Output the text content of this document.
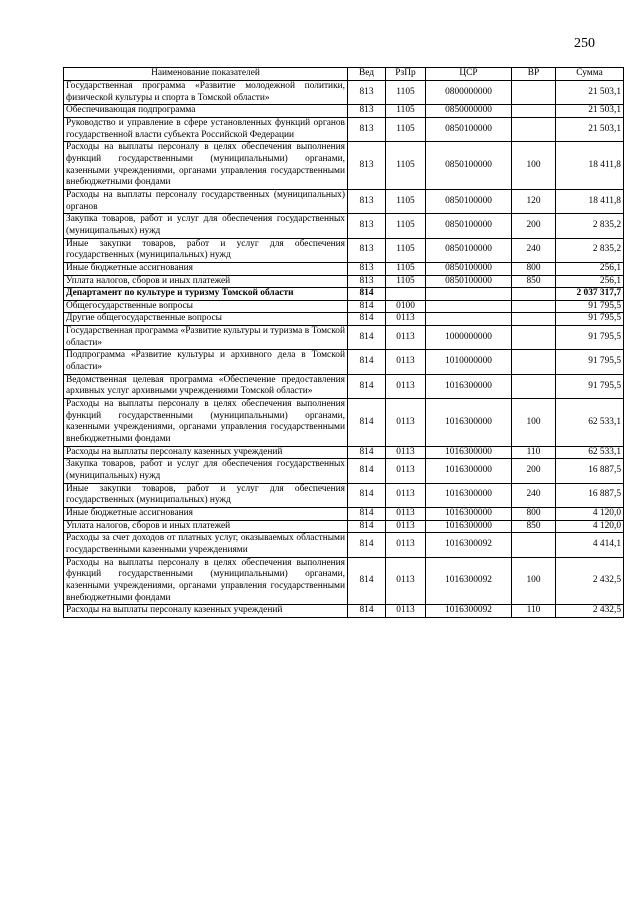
250
Наименование показателей	Вед	РзПр	ЦСР	ВР	Сумма
Государственная программа «Развитие молодежной политики, физической культуры и спорта в Томской области»	813	1105	0800000000		21 503,1
Обеспечивающая подпрограмма	813	1105	0850000000		21 503,1
Руководство и управление в сфере установленных функций органов государственной власти субъекта Российской Федерации	813	1105	0850100000		21 503,1
Расходы на выплаты персоналу в целях обеспечения выполнения функций государственными (муниципальными) органами, казенными учреждениями, органами управления государственными внебюджетными фондами	813	1105	0850100000	100	18 411,8
Расходы на выплаты персоналу государственных (муниципальных) органов	813	1105	0850100000	120	18 411,8
Закупка товаров, работ и услуг для обеспечения государственных (муниципальных) нужд	813	1105	0850100000	200	2 835,2
Иные закупки товаров, работ и услуг для обеспечения государственных (муниципальных) нужд	813	1105	0850100000	240	2 835,2
Иные бюджетные ассигнования	813	1105	0850100000	800	256,1
Уплата налогов, сборов и иных платежей	813	1105	0850100000	850	256,1
Департамент по культуре и туризму Томской области	814				2 037 317,7
Общегосударственные вопросы	814	0100			91 795,5
Другие общегосударственные вопросы	814	0113			91 795,5
Государственная программа «Развитие культуры и туризма в Томской области»	814	0113	1000000000		91 795,5
Подпрограмма «Развитие культуры и архивного дела в Томской области»	814	0113	1010000000		91 795,5
Ведомственная целевая программа «Обеспечение предоставления архивных услуг архивными учреждениями Томской области»	814	0113	1016300000		91 795,5
Расходы на выплаты персоналу в целях обеспечения выполнения функций государственными (муниципальными) органами, казенными учреждениями, органами управления государственными внебюджетными фондами	814	0113	1016300000	100	62 533,1
Расходы на выплаты персоналу казенных учреждений	814	0113	1016300000	110	62 533,1
Закупка товаров, работ и услуг для обеспечения государственных (муниципальных) нужд	814	0113	1016300000	200	16 887,5
Иные закупки товаров, работ и услуг для обеспечения государственных (муниципальных) нужд	814	0113	1016300000	240	16 887,5
Иные бюджетные ассигнования	814	0113	1016300000	800	4 120,0
Уплата налогов, сборов и иных платежей	814	0113	1016300000	850	4 120,0
Расходы за счет доходов от платных услуг, оказываемых областными государственными казенными учреждениями	814	0113	1016300092		4 414,1
Расходы на выплаты персоналу в целях обеспечения выполнения функций государственными (муниципальными) органами, казенными учреждениями, органами управления государственными внебюджетными фондами	814	0113	1016300092	100	2 432,5
Расходы на выплаты персоналу казенных учреждений	814	0113	1016300092	110	2 432,5
